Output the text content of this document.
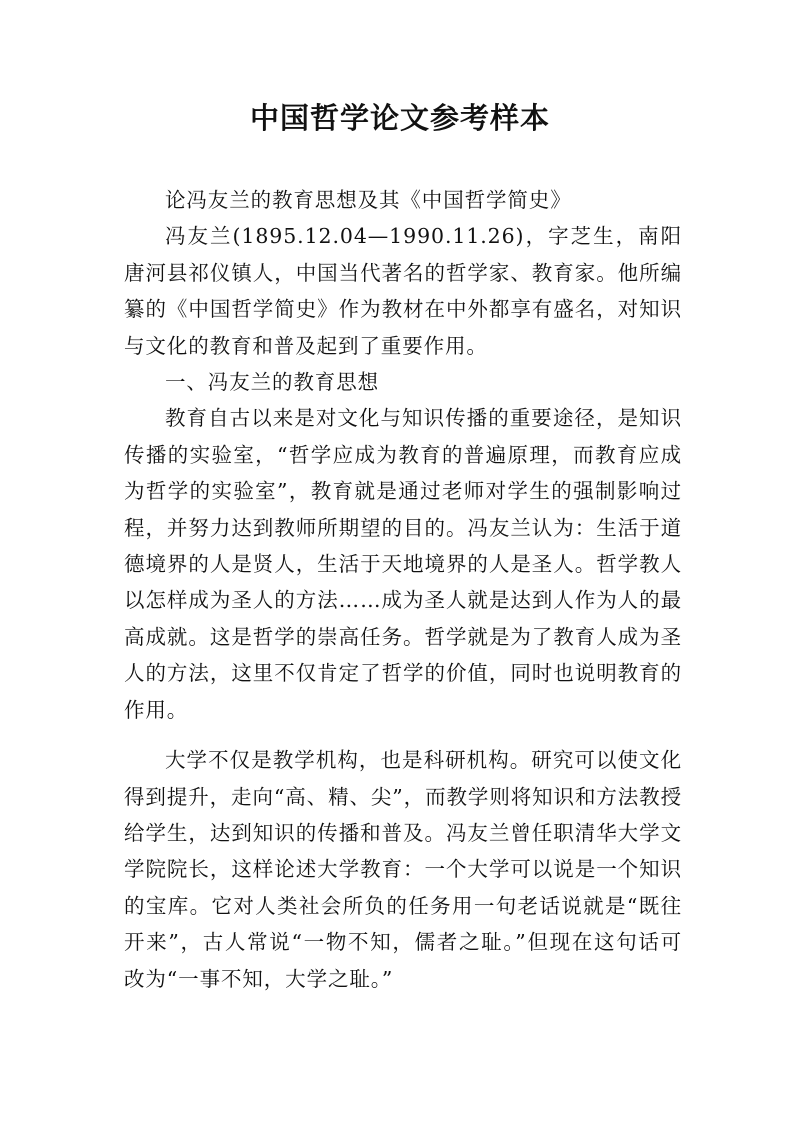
中国哲学论文参考样本

论冯友兰的教育思想及其《中国哲学简史》

冯友兰(1895.12.04—1990.11.26)，字芝生，南阳唐河县祁仪镇人，中国当代著名的哲学家、教育家。他所编纂的《中国哲学简史》作为教材在中外都享有盛名，对知识与文化的教育和普及起到了重要作用。

一、冯友兰的教育思想

教育自古以来是对文化与知识传播的重要途径，是知识传播的实验室，“哲学应成为教育的普遍原理，而教育应成为哲学的实验室”，教育就是通过老师对学生的强制影响过程，并努力达到教师所期望的目的。冯友兰认为：生活于道德境界的人是贤人，生活于天地境界的人是圣人。哲学教人以怎样成为圣人的方法……成为圣人就是达到人作为人的最高成就。这是哲学的崇高任务。哲学就是为了教育人成为圣人的方法，这里不仅肯定了哲学的价值，同时也说明教育的作用。

大学不仅是教学机构，也是科研机构。研究可以使文化得到提升，走向“高、精、尖”，而教学则将知识和方法教授给学生，达到知识的传播和普及。冯友兰曾任职清华大学文学院院长，这样论述大学教育：一个大学可以说是一个知识的宝库。它对人类社会所负的任务用一句老话说就是“既往开来”，古人常说“一物不知，儒者之耻。”但现在这句话可改为“一事不知，大学之耻。”
